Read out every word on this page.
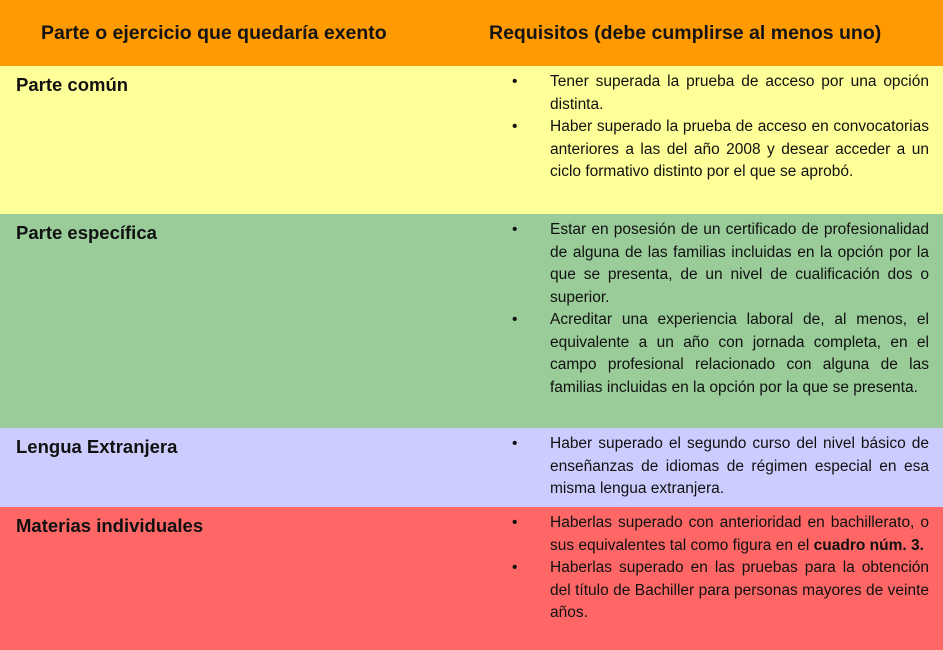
Parte o ejercicio que quedaría exento	Requisitos (debe cumplirse al menos uno)
Parte común	•	Tener superada la prueba de acceso por una opción distinta.
•	Haber superado la prueba de acceso en convocatorias anteriores a las del año 2008 y desear acceder a un ciclo formativo distinto por el que se aprobó.
Parte específica	•	Estar en posesión de un certificado de profesionalidad de alguna de las familias incluidas en la opción por la que se presenta, de un nivel de cualificación dos o superior.
•	Acreditar una experiencia laboral de, al menos, el equivalente a un año con jornada completa, en el campo profesional relacionado con alguna de las familias incluidas en la opción por la que se presenta.
Lengua Extranjera	•	Haber superado el segundo curso del nivel básico de enseñanzas de idiomas de régimen especial en esa misma lengua extranjera.
Materias individuales	•	Haberlas superado con anterioridad en bachillerato, o sus equivalentes tal como figura en el cuadro núm. 3.
•	Haberlas superado en las pruebas para la obtención del título de Bachiller para personas mayores de veinte años.
